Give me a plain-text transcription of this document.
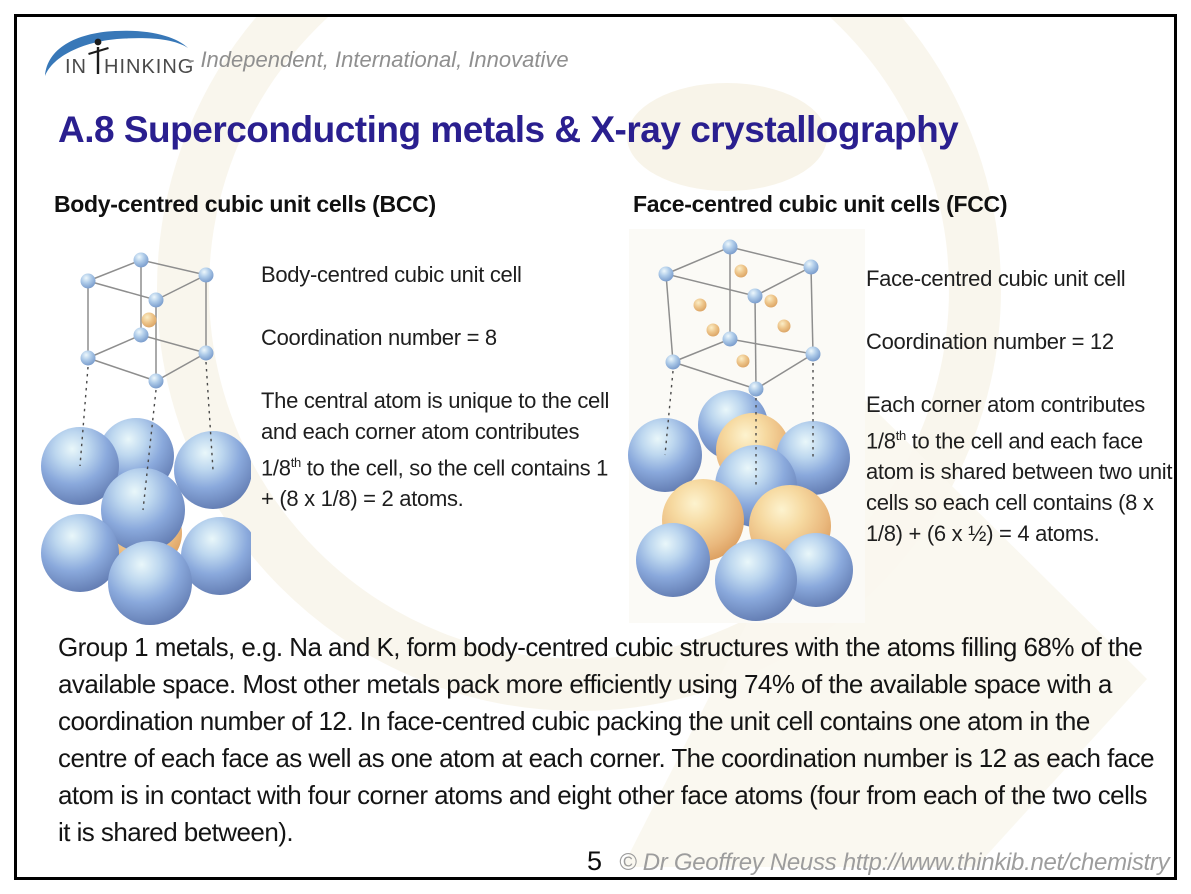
IN HINKING
- Independent, International, Innovative
A.8 Superconducting metals & X-ray crystallography
Body-centred cubic unit cells (BCC)	Face-centred cubic unit cells (FCC)

Body-centred cubic unit cell

Coordination number = 8

The central atom is unique to the cell and each corner atom contributes 1/8th to the cell, so the cell contains 1 + (8 x 1/8) = 2 atoms.

Face-centred cubic unit cell

Coordination number = 12

Each corner atom contributes 1/8th to the cell and each face atom is shared between two unit cells so each cell contains (8 x 1/8) + (6 x ½) = 4 atoms.

Group 1 metals, e.g. Na and K, form body-centred cubic structures with the atoms filling 68% of the available space. Most other metals pack more efficiently using 74% of the available space with a coordination number of 12. In face-centred cubic packing the unit cell contains one atom in the centre of each face as well as one atom at each corner. The coordination number is 12 as each face atom is in contact with four corner atoms and eight other face atoms (four from each of the two cells it is shared between).
5 © Dr Geoffrey Neuss http://www.thinkib.net/chemistry
